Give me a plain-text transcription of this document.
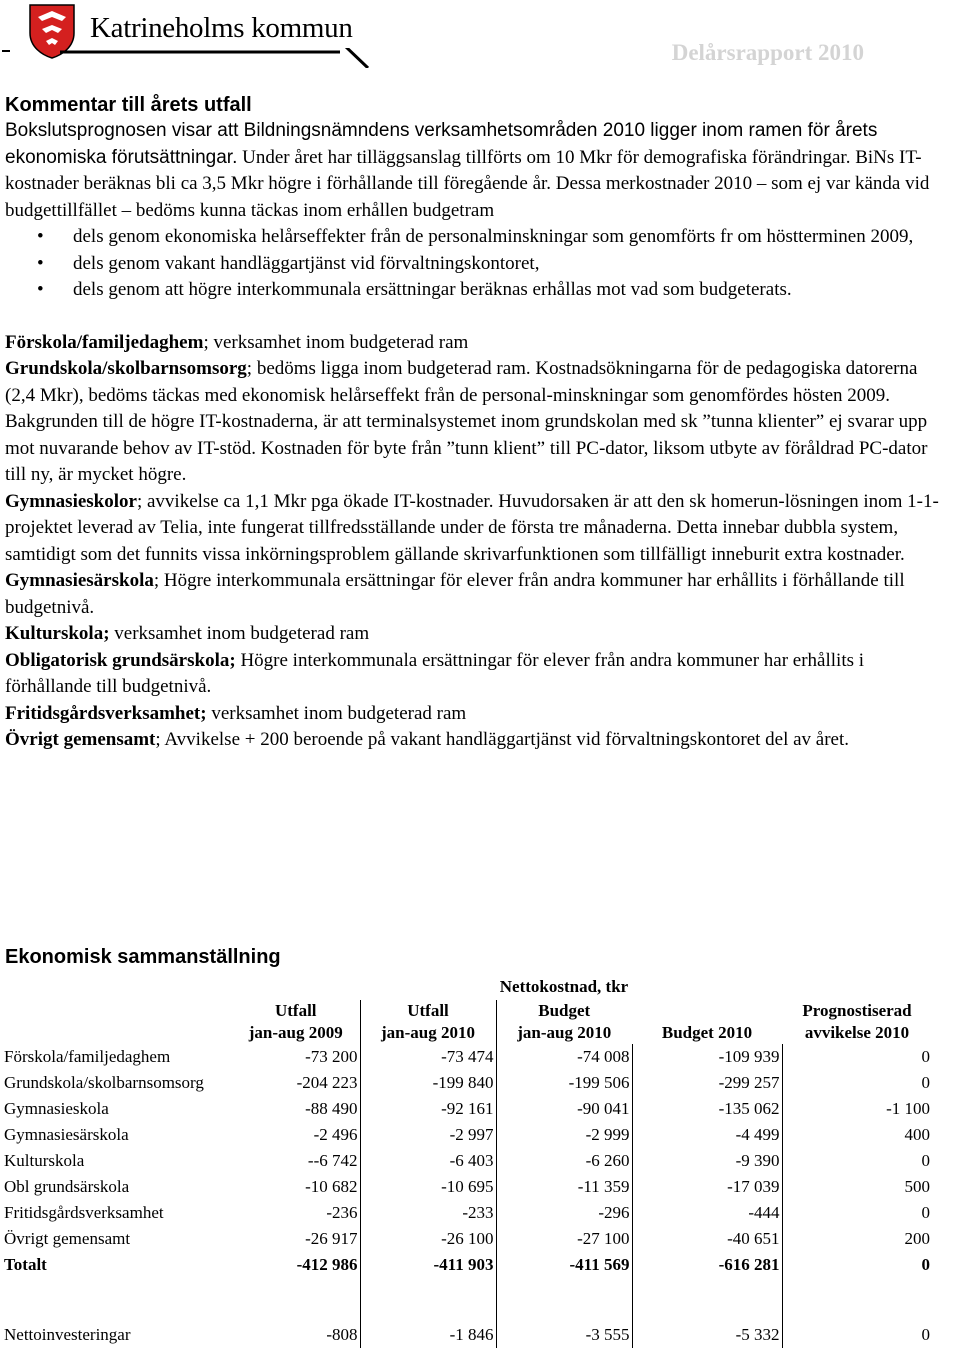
Katrineholms kommun
Delårsrapport 2010
Kommentar till årets utfall

Bokslutsprognosen visar att Bildningsnämndens verksamhetsområden 2010 ligger inom ramen för årets ekonomiska förutsättningar. Under året har tilläggsanslag tillförts om 10 Mkr för demografiska förändringar. BiNs IT-kostnader beräknas bli ca 3,5 Mkr högre i förhållande till föregående år. Dessa merkostnader 2010 – som ej var kända vid budgettillfället – bedöms kunna täckas inom erhållen budgetram

• dels genom ekonomiska helårseffekter från de personalminskningar som genomförts fr om höstterminen 2009,
• dels genom vakant handläggartjänst vid förvaltningskontoret,
• dels genom att högre interkommunala ersättningar beräknas erhållas mot vad som budgeterats.

Förskola/familjedaghem; verksamhet inom budgeterad ram

Grundskola/skolbarnsomsorg; bedöms ligga inom budgeterad ram. Kostnadsökningarna för de pedagogiska datorerna (2,4 Mkr), bedöms täckas med ekonomisk helårseffekt från de personal-minskningar som genomfördes hösten 2009. Bakgrunden till de högre IT-kostnaderna, är att terminalsystemet inom grundskolan med sk ”tunna klienter” ej svarar upp mot nuvarande behov av IT-stöd. Kostnaden för byte från ”tunn klient” till PC-dator, liksom utbyte av föråldrad PC-dator till ny, är mycket högre.

Gymnasieskolor; avvikelse ca 1,1 Mkr pga ökade IT-kostnader. Huvudorsaken är att den sk homerun-lösningen inom 1-1-projektet leverad av Telia, inte fungerat tillfredsställande under de första tre månaderna. Detta innebar dubbla system, samtidigt som det funnits vissa inkörningsproblem gällande skrivarfunktionen som tillfälligt inneburit extra kostnader.

Gymnasiesärskola; Högre interkommunala ersättningar för elever från andra kommuner har erhållits i förhållande till budgetnivå.

Kulturskola; verksamhet inom budgeterad ram

Obligatorisk grundsärskola; Högre interkommunala ersättningar för elever från andra kommuner har erhållits i förhållande till budgetnivå.

Fritidsgårdsverksamhet; verksamhet inom budgeterad ram

Övrigt gemensamt; Avvikelse + 200 beroende på vakant handläggartjänst vid förvaltningskontoret del av året.

Ekonomisk sammanställning
			Nettokostnad, tkr		
	Utfall
jan-aug 2009	Utfall
jan-aug 2010	Budget
jan-aug 2010	Budget 2010	Prognostiserad
avvikelse 2010
Förskola/familjedaghem	-73 200	-73 474	-74 008	-109 939	0
Grundskola/skolbarnsomsorg	-204 223	-199 840	-199 506	-299 257	0
Gymnasieskola	-88 490	-92 161	-90 041	-135 062	-1 100
Gymnasiesärskola	-2 496	-2 997	-2 999	-4 499	400
Kulturskola	--6 742	-6 403	-6 260	-9 390	0
Obl grundsärskola	-10 682	-10 695	-11 359	-17 039	500
Fritidsgårdsverksamhet	-236	-233	-296	-444	0
Övrigt gemensamt	-26 917	-26 100	-27 100	-40 651	200
Totalt	-412 986	-411 903	-411 569	-616 281	0

Nettoinvesteringar	-808	-1 846	-3 555	-5 332	0
